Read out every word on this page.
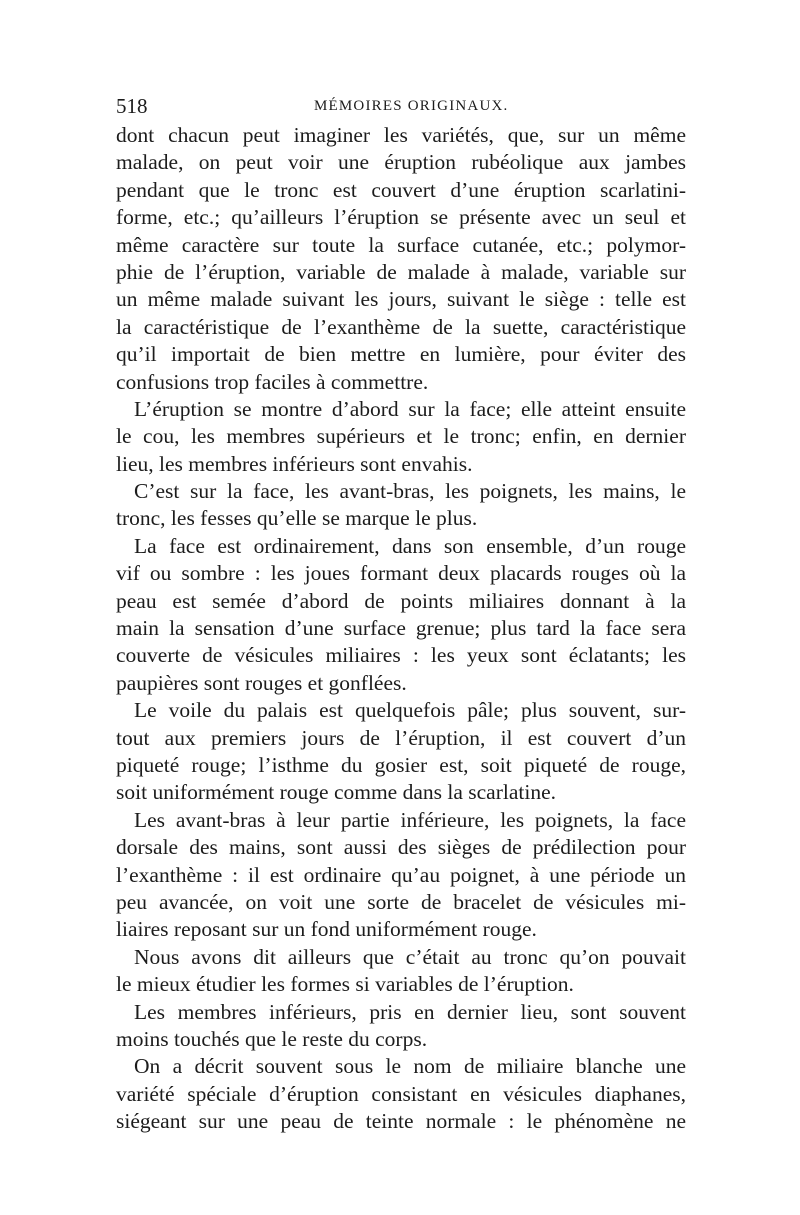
518	MÉMOIRES ORIGINAUX.
dont chacun peut imaginer les variétés, que, sur un même
malade, on peut voir une éruption rubéolique aux jambes
pendant que le tronc est couvert d’une éruption scarlatini-
forme, etc.; qu’ailleurs l’éruption se présente avec un seul et
même caractère sur toute la surface cutanée, etc.; polymor-
phie de l’éruption, variable de malade à malade, variable sur
un même malade suivant les jours, suivant le siège : telle est
la caractéristique de l’exanthème de la suette, caractéristique
qu’il importait de bien mettre en lumière, pour éviter des
confusions trop faciles à commettre.
L’éruption se montre d’abord sur la face; elle atteint ensuite
le cou, les membres supérieurs et le tronc; enfin, en dernier
lieu, les membres inférieurs sont envahis.
C’est sur la face, les avant-bras, les poignets, les mains, le
tronc, les fesses qu’elle se marque le plus.
La face est ordinairement, dans son ensemble, d’un rouge
vif ou sombre : les joues formant deux placards rouges où la
peau est semée d’abord de points miliaires donnant à la
main la sensation d’une surface grenue; plus tard la face sera
couverte de vésicules miliaires : les yeux sont éclatants; les
paupières sont rouges et gonflées.
Le voile du palais est quelquefois pâle; plus souvent, sur-
tout aux premiers jours de l’éruption, il est couvert d’un
piqueté rouge; l’isthme du gosier est, soit piqueté de rouge,
soit uniformément rouge comme dans la scarlatine.
Les avant-bras à leur partie inférieure, les poignets, la face
dorsale des mains, sont aussi des sièges de prédilection pour
l’exanthème : il est ordinaire qu’au poignet, à une période un
peu avancée, on voit une sorte de bracelet de vésicules mi-
liaires reposant sur un fond uniformément rouge.
Nous avons dit ailleurs que c’était au tronc qu’on pouvait
le mieux étudier les formes si variables de l’éruption.
Les membres inférieurs, pris en dernier lieu, sont souvent
moins touchés que le reste du corps.
On a décrit souvent sous le nom de miliaire blanche une
variété spéciale d’éruption consistant en vésicules diaphanes,
siégeant sur une peau de teinte normale : le phénomène ne
